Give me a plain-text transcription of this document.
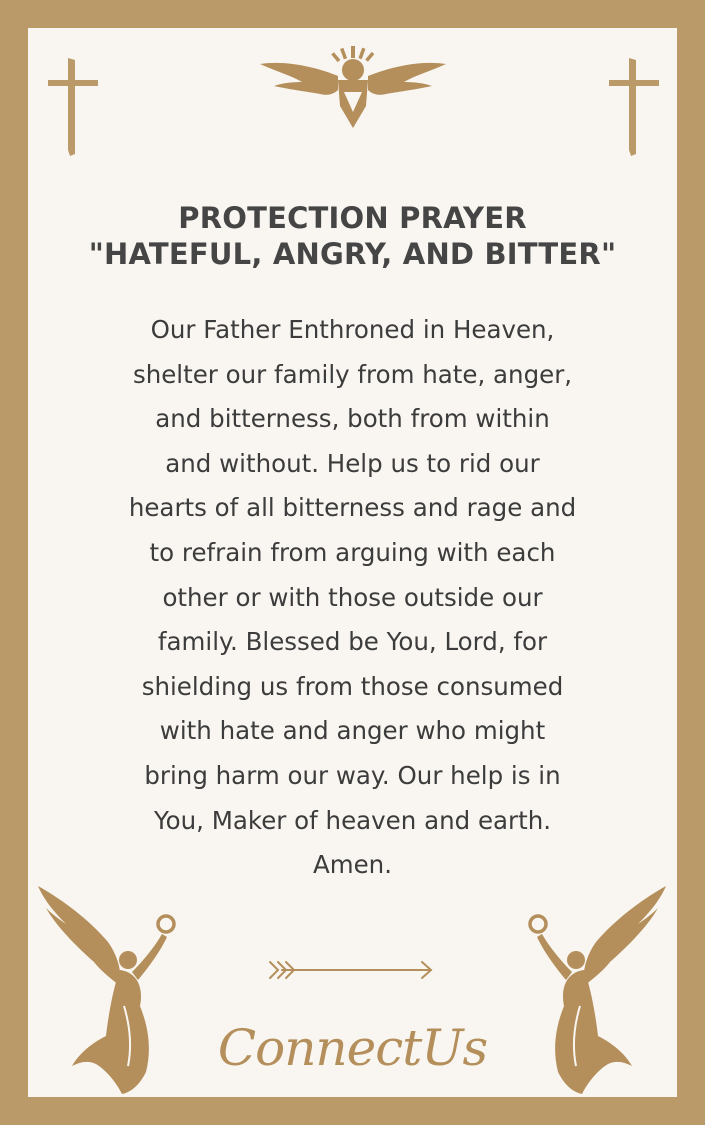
PROTECTION PRAYER
"HATEFUL, ANGRY, AND BITTER"
Our Father Enthroned in Heaven,
shelter our family from hate, anger,
and bitterness, both from within
and without. Help us to rid our
hearts of all bitterness and rage and
to refrain from arguing with each
other or with those outside our
family. Blessed be You, Lord, for
shielding us from those consumed
with hate and anger who might
bring harm our way. Our help is in
You, Maker of heaven and earth.
Amen.
ConnectUs
